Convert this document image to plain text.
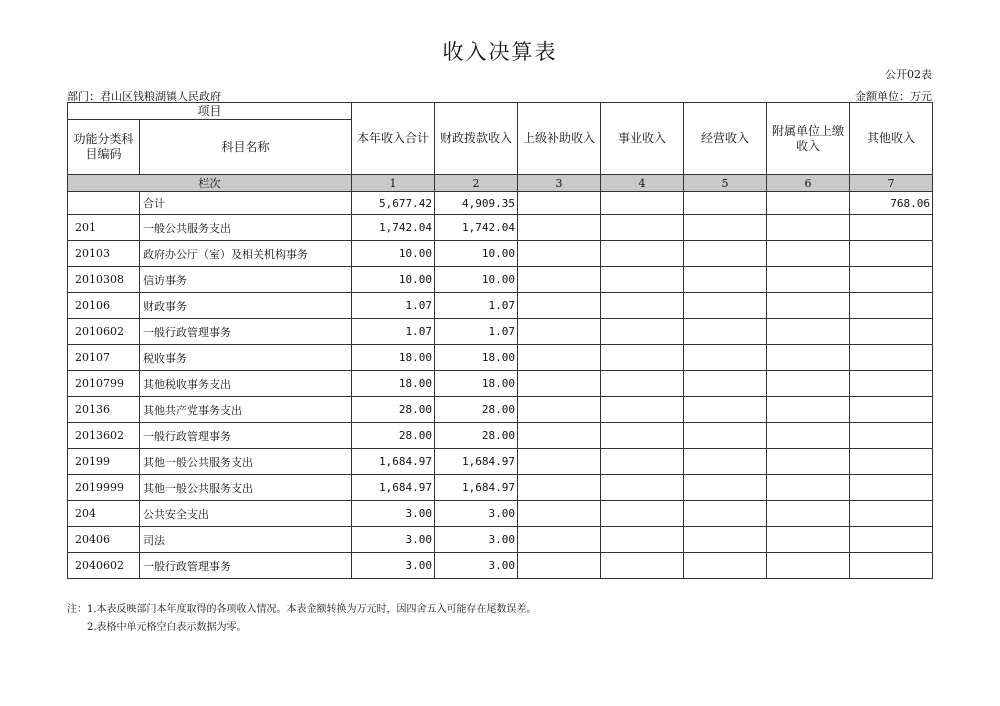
收入决算表
公开02表
部门：君山区钱粮湖镇人民政府	金额单位：万元
项目		本年收入合计	财政拨款收入	上级补助收入	事业收入	经营收入	附属单位上缴收入	其他收入
功能分类科目编码	科目名称							
栏次		1	2	3	4	5	6	7
	合计	5,677.42	4,909.35					768.06
201	一般公共服务支出	1,742.04	1,742.04					
20103	政府办公厅（室）及相关机构事务	10.00	10.00					
2010308	信访事务	10.00	10.00					
20106	财政事务	1.07	1.07					
2010602	一般行政管理事务	1.07	1.07					
20107	税收事务	18.00	18.00					
2010799	其他税收事务支出	18.00	18.00					
20136	其他共产党事务支出	28.00	28.00					
2013602	一般行政管理事务	28.00	28.00					
20199	其他一般公共服务支出	1,684.97	1,684.97					
2019999	其他一般公共服务支出	1,684.97	1,684.97					
204	公共安全支出	3.00	3.00					
20406	司法	3.00	3.00					
2040602	一般行政管理事务	3.00	3.00					
注：1.本表反映部门本年度取得的各项收入情况。本表金额转换为万元时，因四舍五入可能存在尾数误差。
2.表格中单元格空白表示数据为零。
